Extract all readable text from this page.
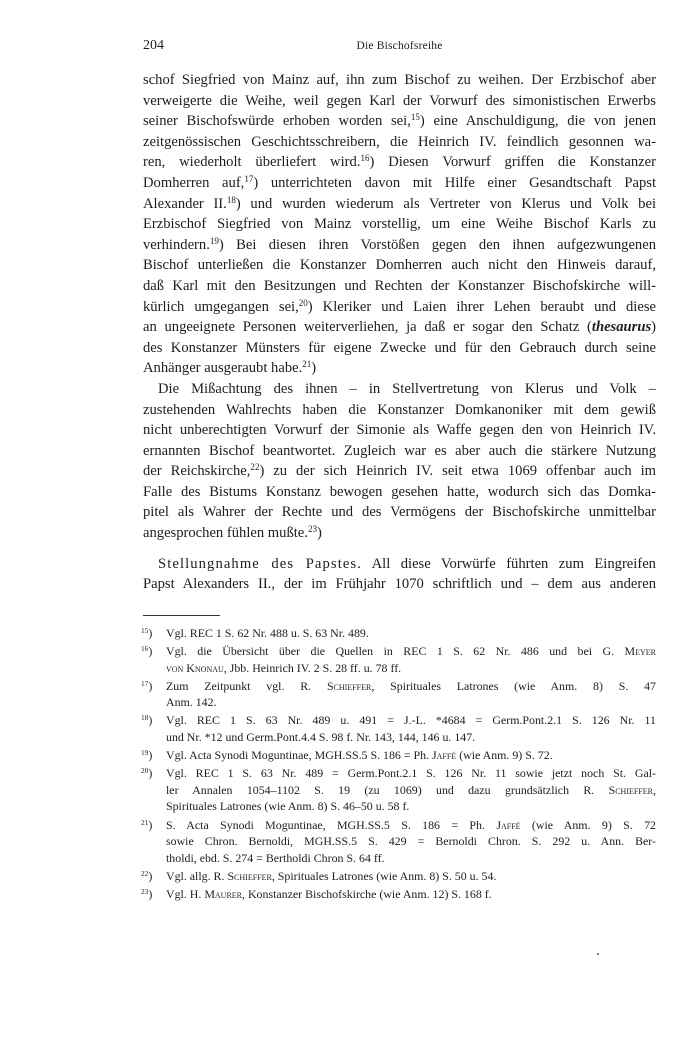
204	Die Bischofsreihe
schof Siegfried von Mainz auf, ihn zum Bischof zu weihen. Der Erzbischof aber
verweigerte die Weihe, weil gegen Karl der Vorwurf des simonistischen Erwerbs
seiner Bischofswürde erhoben worden sei,$^{15}$) eine Anschuldigung, die von jenen
zeitgenössischen Geschichtsschreibern, die Heinrich IV. feindlich gesonnen wa-
ren, wiederholt überliefert wird.$^{16}$) Diesen Vorwurf griffen die Konstanzer
Domherren auf,$^{17}$) unterrichteten davon mit Hilfe einer Gesandtschaft Papst
Alexander II.$^{18}$) und wurden wiederum als Vertreter von Klerus und Volk bei
Erzbischof Siegfried von Mainz vorstellig, um eine Weihe Bischof Karls zu
verhindern.$^{19}$) Bei diesen ihren Vorstößen gegen den ihnen aufgezwungenen
Bischof unterließen die Konstanzer Domherren auch nicht den Hinweis darauf,
daß Karl mit den Besitzungen und Rechten der Konstanzer Bischofskirche will-
kürlich umgegangen sei,$^{20}$) Kleriker und Laien ihrer Lehen beraubt und diese
an ungeeignete Personen weiterverliehen, ja daß er sogar den Schatz (thesaurus)
des Konstanzer Münsters für eigene Zwecke und für den Gebrauch durch seine
Anhänger ausgeraubt habe.$^{21}$)
Die Mißachtung des ihnen – in Stellvertretung von Klerus und Volk –
zustehenden Wahlrechts haben die Konstanzer Domkanoniker mit dem gewiß
nicht unberechtigten Vorwurf der Simonie als Waffe gegen den von Heinrich IV.
ernannten Bischof beantwortet. Zugleich war es aber auch die stärkere Nutzung
der Reichskirche,$^{22}$) zu der sich Heinrich IV. seit etwa 1069 offenbar auch im
Falle des Bistums Konstanz bewogen gesehen hatte, wodurch sich das Domka-
pitel als Wahrer der Rechte und des Vermögens der Bischofskirche unmittelbar
angesprochen fühlen mußte.$^{23}$)
Stellungnahme des Papstes. All diese Vorwürfe führten zum Eingreifen
Papst Alexanders II., der im Frühjahr 1070 schriftlich und – dem aus anderen
$^{15}$) Vgl. REC 1 S. 62 Nr. 488 u. S. 63 Nr. 489.
$^{16}$) Vgl. die Übersicht über die Quellen in REC 1 S. 62 Nr. 486 und bei G. Meyer
von Knonau, Jbb. Heinrich IV. 2 S. 28 ff. u. 78 ff.
$^{17}$) Zum Zeitpunkt vgl. R. Schieffer, Spirituales Latrones (wie Anm. 8) S. 47
Anm. 142.
$^{18}$) Vgl. REC 1 S. 63 Nr. 489 u. 491 = J.-L. *4684 = Germ.Pont.2.1 S. 126 Nr. 11
und Nr. *12 und Germ.Pont.4.4 S. 98 f. Nr. 143, 144, 146 u. 147.
$^{19}$) Vgl. Acta Synodi Moguntinae, MGH.SS.5 S. 186 = Ph. Jaffé (wie Anm. 9) S. 72.
$^{20}$) Vgl. REC 1 S. 63 Nr. 489 = Germ.Pont.2.1 S. 126 Nr. 11 sowie jetzt noch St. Gal-
ler Annalen 1054–1102 S. 19 (zu 1069) und dazu grundsätzlich R. Schieffer,
Spirituales Latrones (wie Anm. 8) S. 46–50 u. 58 f.
$^{21}$) S. Acta Synodi Moguntinae, MGH.SS.5 S. 186 = Ph. Jaffé (wie Anm. 9) S. 72
sowie Chron. Bernoldi, MGH.SS.5 S. 429 = Bernoldi Chron. S. 292 u. Ann. Ber-
tholdi, ebd. S. 274 = Bertholdi Chron S. 64 ff.
$^{22}$) Vgl. allg. R. Schieffer, Spirituales Latrones (wie Anm. 8) S. 50 u. 54.
$^{23}$) Vgl. H. Maurer, Konstanzer Bischofskirche (wie Anm. 12) S. 168 f.
